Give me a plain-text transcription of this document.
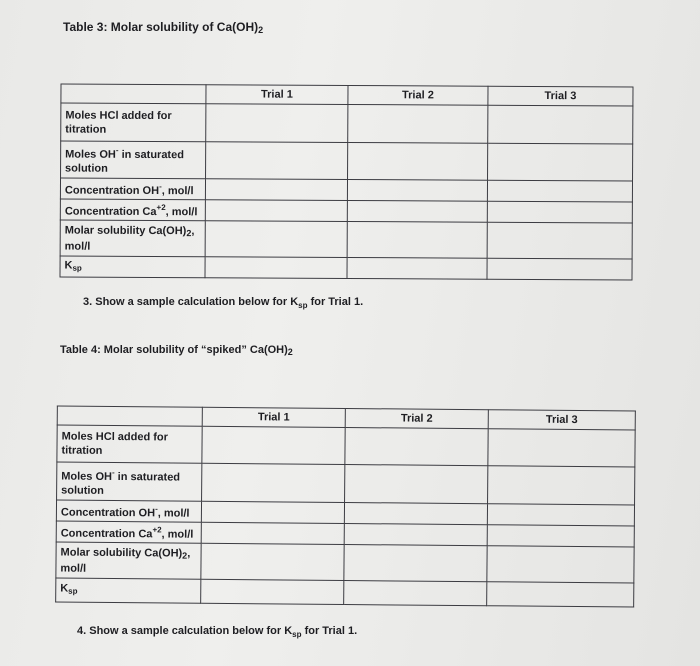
Table 3: Molar solubility of $Ca(OH)_2$
	Trial 1	Trial 2	Trial 3
Moles HCl added for titration			
Moles OH- in saturated solution			
Concentration OH-, mol/l			
Concentration $Ca^{+2}$, mol/l			
Molar solubility $Ca(OH)_2$, mol/l			
$K_{sp}$			
3. Show a sample calculation below for $K_{sp}$ for Trial 1.
Table 4: Molar solubility of “spiked” $Ca(OH)_2$
	Trial 1	Trial 2	Trial 3
Moles HCl added for titration			
Moles OH- in saturated solution			
Concentration OH-, mol/l			
Concentration $Ca^{+2}$, mol/l			
Molar solubility $Ca(OH)_2$, mol/l			
$K_{sp}$			
4. Show a sample calculation below for $K_{sp}$ for Trial 1.
